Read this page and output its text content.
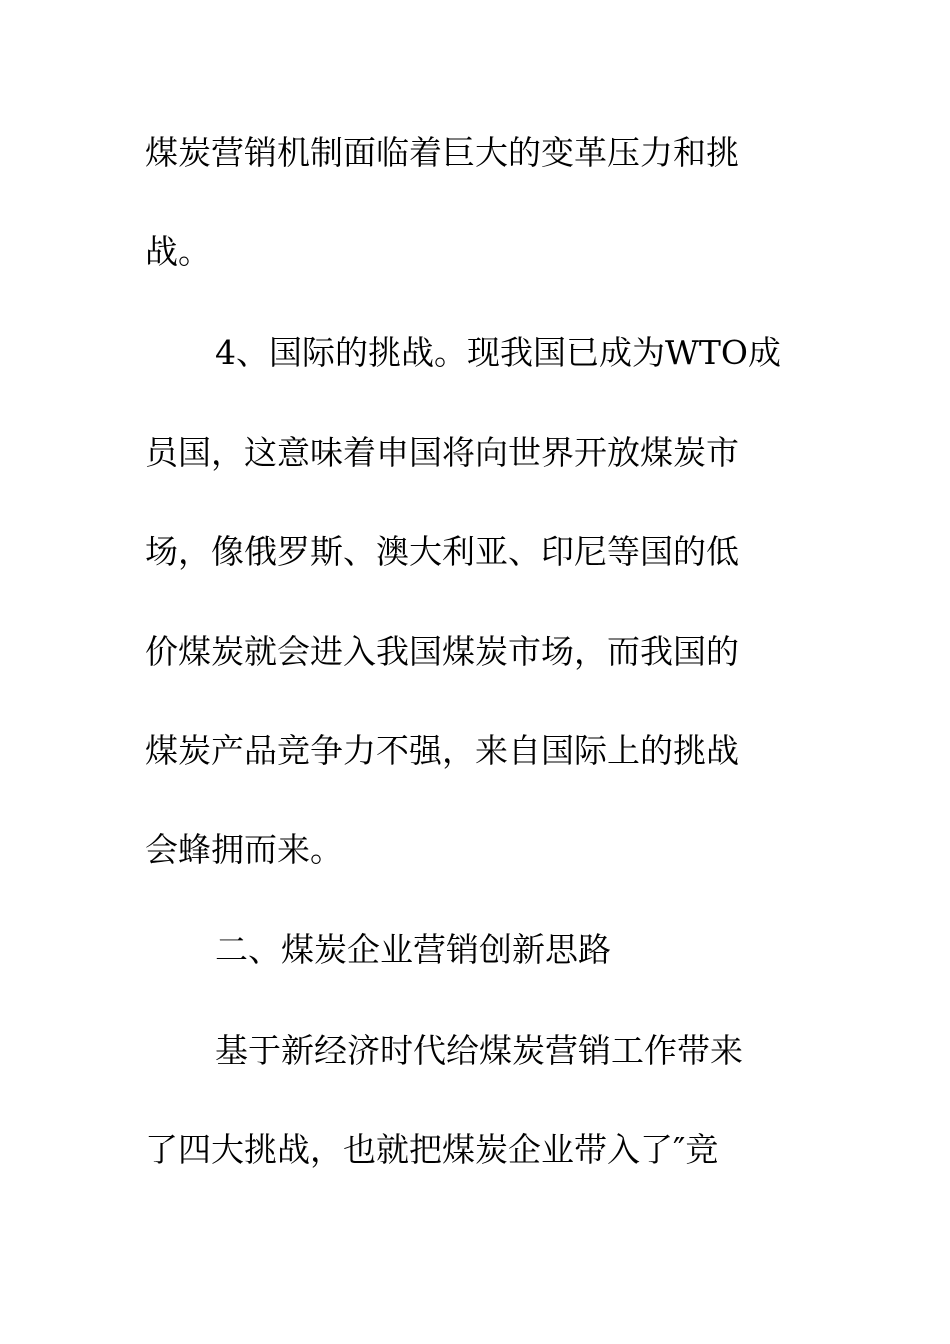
煤炭营销机制面临着巨大的变革压力和挑
战。
4、国际的挑战。现我国已成为WTO成
员国，这意味着申国将向世界开放煤炭市
场，像俄罗斯、澳大利亚、印尼等国的低
价煤炭就会进入我国煤炭市场，而我国的
煤炭产品竞争力不强，来自国际上的挑战
会蜂拥而来。
二、煤炭企业营销创新思路
基于新经济时代给煤炭营销工作带来
了四大挑战，也就把煤炭企业带入了″竞
